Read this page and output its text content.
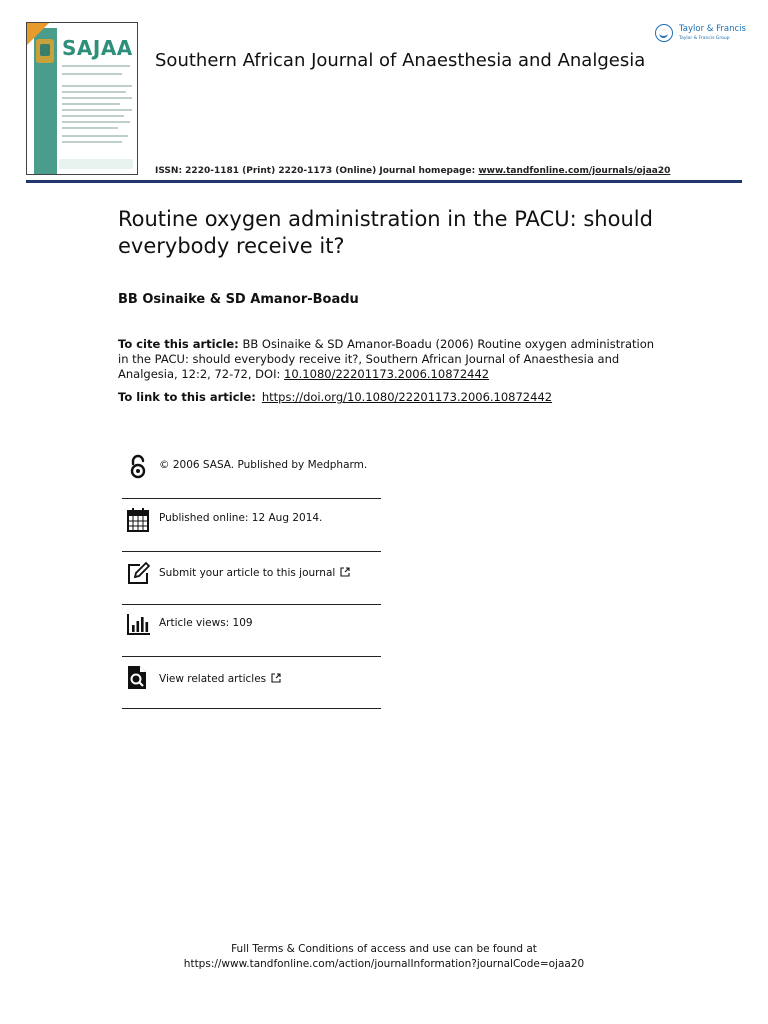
SAJAA
Southern African Journal of Anaesthesia and Analgesia
Taylor & Francis
Taylor & Francis Group
ISSN: 2220-1181 (Print) 2220-1173 (Online) Journal homepage: www.tandfonline.com/journals/ojaa20
Routine oxygen administration in the PACU: should everybody receive it?
BB Osinaike & SD Amanor-Boadu
To cite this article: BB Osinaike & SD Amanor-Boadu (2006) Routine oxygen administration in the PACU: should everybody receive it?, Southern African Journal of Anaesthesia and Analgesia, 12:2, 72-72, DOI: 10.1080/22201173.2006.10872442
To link to this article: https://doi.org/10.1080/22201173.2006.10872442
© 2006 SASA. Published by Medpharm.
Published online: 12 Aug 2014.
Submit your article to this journal
Article views: 109
View related articles
Full Terms & Conditions of access and use can be found at
https://www.tandfonline.com/action/journalInformation?journalCode=ojaa20
